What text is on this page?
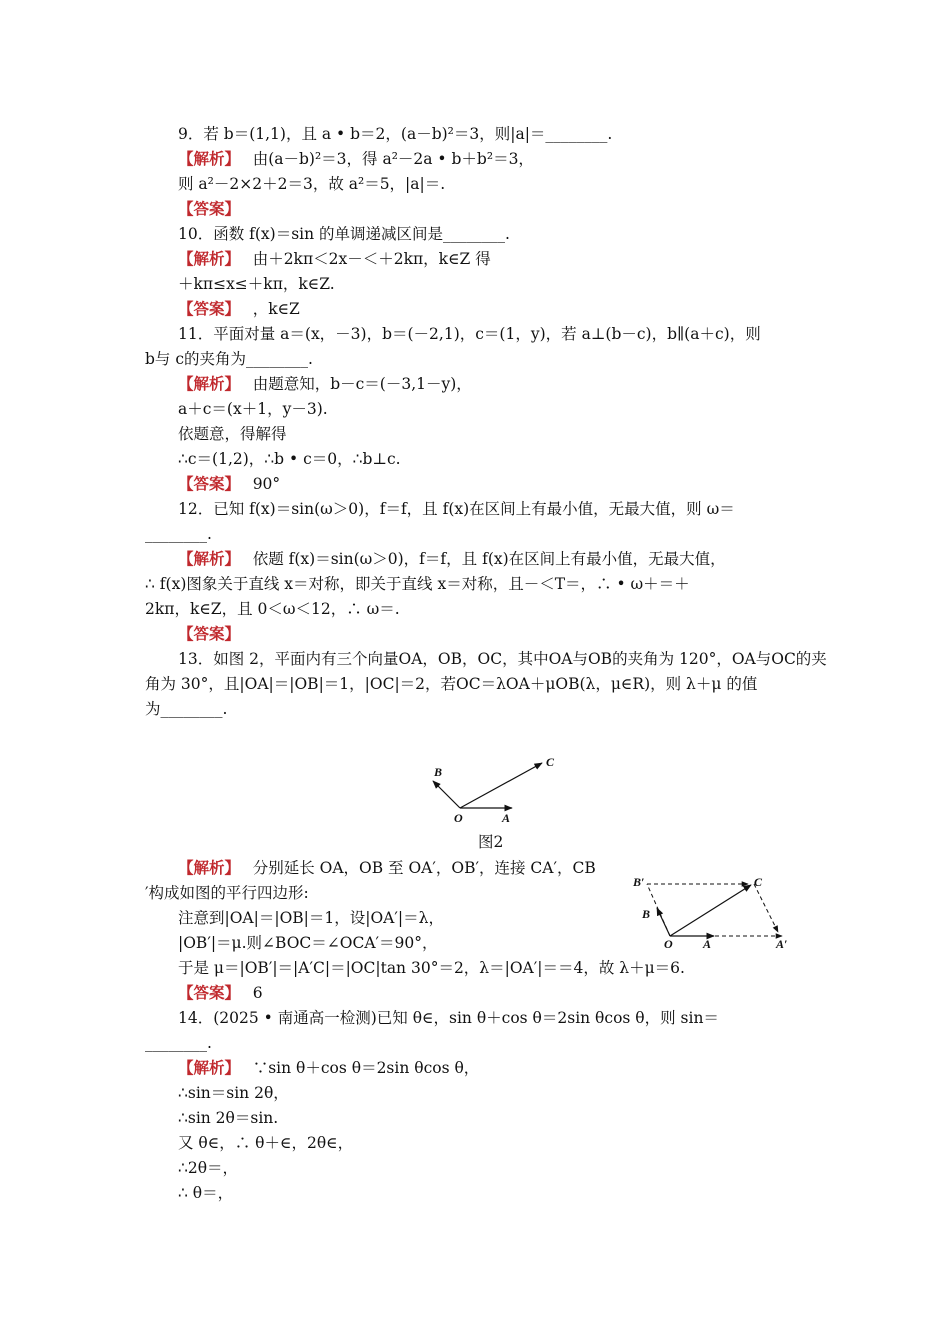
9．若 b＝(1,1)，且 a • b＝2，(a－b)²＝3，则|a|＝________.
【解析】　 由(a－b)²＝3，得 a²－2a • b＋b²＝3，
则 a²－2×2＋2＝3，故 a²＝5，|a|＝.
【答案】
10．函数 f(x)＝sin 的单调递减区间是________.
【解析】　 由＋2kπ＜2x－＜＋2kπ，k∈Z 得
＋kπ≤x≤＋kπ，k∈Z.
【答案】　 ，k∈Z
11．平面对量 a＝(x，－3)，b＝(－2,1)，c＝(1，y)，若 a⊥(b－c)，b∥(a＋c)，则
b与 c的夹角为________.
【解析】　 由题意知，b－c＝(－3,1－y)，
a＋c＝(x＋1，y－3).
依题意，得解得
∴c＝(1,2)，∴b • c＝0，∴b⊥c.
【答案】　 90°
12．已知 f(x)＝sin(ω＞0)，f＝f，且 f(x)在区间上有最小值，无最大值，则 ω＝
________.
【解析】　 依题 f(x)＝sin(ω＞0)，f＝f，且 f(x)在区间上有最小值，无最大值，
∴ f(x)图象关于直线 x＝对称，即关于直线 x＝对称，且－＜T＝，∴ • ω＋＝＋
2kπ，k∈Z，且 0＜ω＜12，∴ ω＝.
【答案】
13．如图 2，平面内有三个向量OA，OB，OC，其中OA与OB的夹角为 120°，OA与OC的夹
角为 30°，且|OA|＝|OB|＝1，|OC|＝2，若OC＝λOA＋μOB(λ，μ∈R)，则 λ＋μ 的值
为________.
图2
【解析】　 分别延长 OA，OB 至 OA′，OB′，连接 CA′，CB
′构成如图的平行四边形:
注意到|OA|＝|OB|＝1，设|OA′|＝λ，
|OB′|＝μ.则∠BOC＝∠OCA′＝90°，
于是 μ＝|OB′|＝|A′C|＝|OC|tan 30°＝2，λ＝|OA′|＝＝4，故 λ＋μ＝6.
【答案】　 6
14．(2025 • 南通高一检测)已知 θ∈，sin θ＋cos θ＝2sin θcos θ，则 sin＝
________.
【解析】　 ∵sin θ＋cos θ＝2sin θcos θ，
∴sin＝sin 2θ，
∴sin 2θ＝sin.
又 θ∈，∴ θ＋∈，2θ∈，
∴2θ＝，
∴ θ＝，
O	A
B
C
B′	C
B
O	A	A′
